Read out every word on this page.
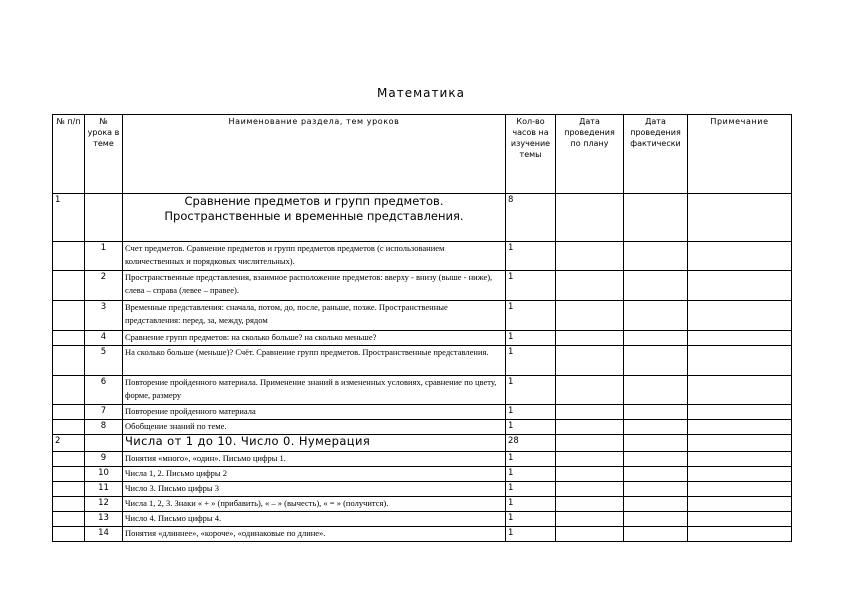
Математика
№ п/п	№ урока в теме	Наименование раздела, тем уроков	Кол-во часов на изучение темы	Дата проведения по плану	Дата проведения фактически	Примечание
1		Сравнение предметов и групп предметов. Пространственные и временные представления.	8			
	1	Счет предметов. Сравнение предметов и групп предметов предметов (с использованием количественных и порядковых числительных).	1			
	2	Пространственные представления, взаимное расположение предметов: вверху - внизу (выше - ниже), слева – справа (левее – правее).	1			
	3	Временные представления: сначала, потом, до, после, раньше, позже. Пространственные представления: перед, за, между, рядом	1			
	4	Сравнение групп предметов: на сколько больше? на сколько меньше?	1			
	5	На сколько больше (меньше)? Счёт. Сравнение групп предметов. Пространственные представления.	1			
	6	Повторение пройденного материала. Применение знаний в измененных условиях, сравнение по цвету, форме, размеру	1			
	7	Повторение пройденного материала	1			
	8	Обобщение знаний по теме.	1			
2		Числа от 1 до 10. Число 0. Нумерация	28			
	9	Понятия «много», «один». Письмо цифры 1.	1			
	10	Числа 1, 2. Письмо цифры 2	1			
	11	Число 3. Письмо цифры 3	1			
	12	Числа 1, 2, 3. Знаки « + » (прибавить), « – » (вычесть), « = » (получится).	1			
	13	Число 4. Письмо цифры 4.	1			
	14	Понятия «длиннее», «короче», «одинаковые по длине».	1			
